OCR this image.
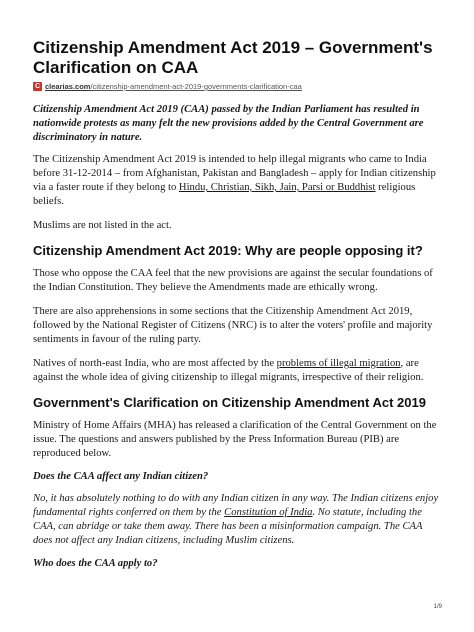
Citizenship Amendment Act 2019 – Government's Clarification on CAA
C clearias.com/citizenship-amendment-act-2019-governments-clarification-caa

Citizenship Amendment Act 2019 (CAA) passed by the Indian Parliament has resulted in nationwide protests as many felt the new provisions added by the Central Government are discriminatory in nature.

The Citizenship Amendment Act 2019 is intended to help illegal migrants who came to India before 31-12-2014 – from Afghanistan, Pakistan and Bangladesh – apply for Indian citizenship via a faster route if they belong to Hindu, Christian, Sikh, Jain, Parsi or Buddhist religious beliefs.

Muslims are not listed in the act.

Citizenship Amendment Act 2019: Why are people opposing it?

Those who oppose the CAA feel that the new provisions are against the secular foundations of the Indian Constitution. They believe the Amendments made are ethically wrong.

There are also apprehensions in some sections that the Citizenship Amendment Act 2019, followed by the National Register of Citizens (NRC) is to alter the voters' profile and majority sentiments in favour of the ruling party.

Natives of north-east India, who are most affected by the problems of illegal migration, are against the whole idea of giving citizenship to illegal migrants, irrespective of their religion.

Government's Clarification on Citizenship Amendment Act 2019

Ministry of Home Affairs (MHA) has released a clarification of the Central Government on the issue. The questions and answers published by the Press Information Bureau (PIB) are reproduced below.

Does the CAA affect any Indian citizen?

No, it has absolutely nothing to do with any Indian citizen in any way. The Indian citizens enjoy fundamental rights conferred on them by the Constitution of India. No statute, including the CAA, can abridge or take them away. There has been a misinformation campaign. The CAA does not affect any Indian citizens, including Muslim citizens.

Who does the CAA apply to?

1/9
